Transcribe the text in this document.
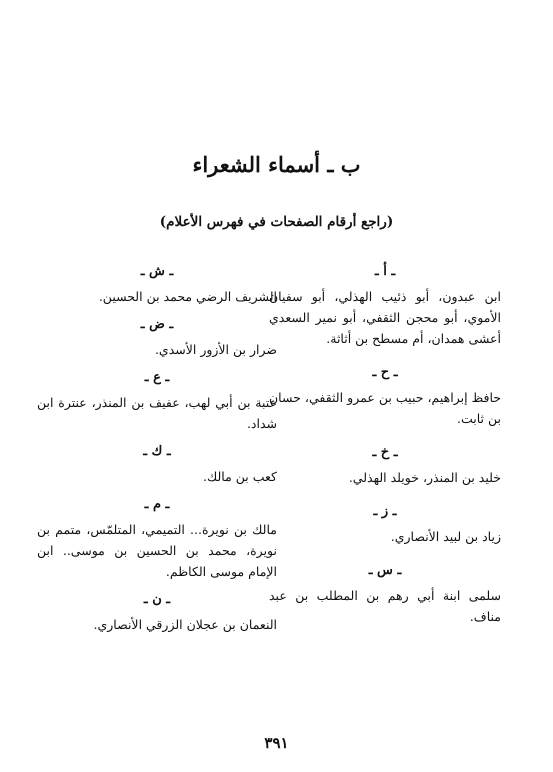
ب ـ أسماء الشعراء
(راجع أرقام الصفحات في فهرس الأعلام)
ـ أ ـ
ابن عبدون، أبو ذئيب الهذلي، أبو سفيان الأموي، أبو محجن الثقفي، أبو نمير السعدي أعشى همدان، أم مسطح بن أثاثة.
ـ ح ـ
حافظ إبراهيم، حبيب بن عمرو الثقفي، حسان بن ثابت.
ـ خ ـ
خليد بن المنذر، خويلد الهذلي.
ـ ز ـ
زياد بن لبيد الأنصاري.
ـ س ـ
سلمى ابنة أبي رهم بن المطلب بن عبد مناف.
ـ ش ـ
الشريف الرضي محمد بن الحسين.
ـ ض ـ
ضرار بن الأزور الأسدي.
ـ ع ـ
عتبة بن أبي لهب، عفيف بن المنذر، عنترة ابن شداد.
ـ ك ـ
كعب بن مالك.
ـ م ـ
مالك بن نويرة... التميمي، المتلمّس، متمم بن نويرة، محمد بن الحسين بن موسى.. ابن الإمام موسى الكاظم.
ـ ن ـ
النعمان بن عجلان الزرقي الأنصاري.
٣٩١
